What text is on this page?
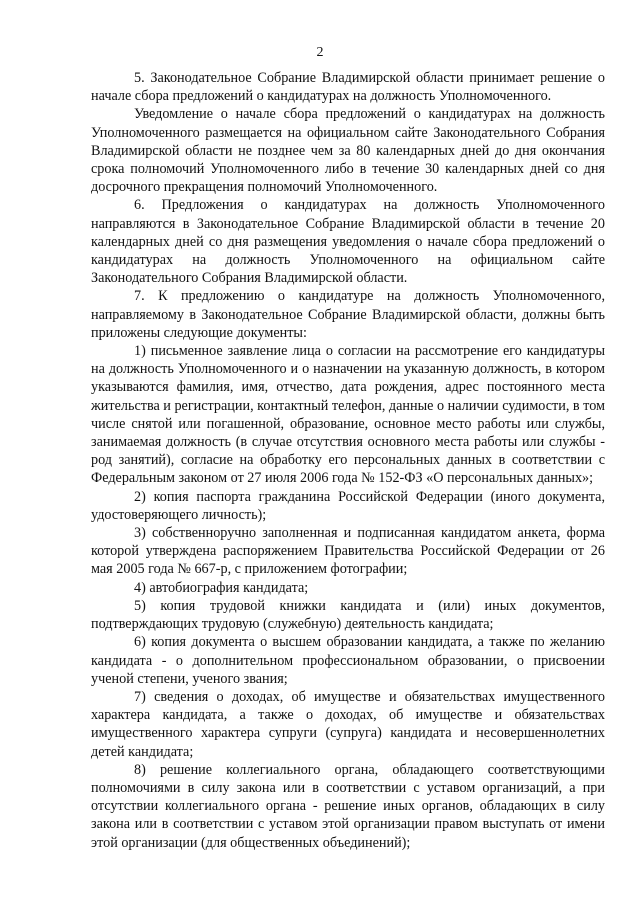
2

5. Законодательное Собрание Владимирской области принимает решение о начале сбора предложений о кандидатурах на должность Уполномоченного.

Уведомление о начале сбора предложений о кандидатурах на должность Уполномоченного размещается на официальном сайте Законодательного Собрания Владимирской области не позднее чем за 80 календарных дней до дня окончания срока полномочий Уполномоченного либо в течение 30 календарных дней со дня досрочного прекращения полномочий Уполномоченного.

6. Предложения о кандидатурах на должность Уполномоченного направляются в Законодательное Собрание Владимирской области в течение 20 календарных дней со дня размещения уведомления о начале сбора предложений о кандидатурах на должность Уполномоченного на официальном сайте Законодательного Собрания Владимирской области.

7. К предложению о кандидатуре на должность Уполномоченного, направляемому в Законодательное Собрание Владимирской области, должны быть приложены следующие документы:

1) письменное заявление лица о согласии на рассмотрение его кандидатуры на должность Уполномоченного и о назначении на указанную должность, в котором указываются фамилия, имя, отчество, дата рождения, адрес постоянного места жительства и регистрации, контактный телефон, данные о наличии судимости, в том числе снятой или погашенной, образование, основное место работы или службы, занимаемая должность (в случае отсутствия основного места работы или службы - род занятий), согласие на обработку его персональных данных в соответствии с Федеральным законом от 27 июля 2006 года № 152-ФЗ «О персональных данных»;

2) копия паспорта гражданина Российской Федерации (иного документа, удостоверяющего личность);

3) собственноручно заполненная и подписанная кандидатом анкета, форма которой утверждена распоряжением Правительства Российской Федерации от 26 мая 2005 года № 667-р, с приложением фотографии;

4) автобиография кандидата;

5) копия трудовой книжки кандидата и (или) иных документов, подтверждающих трудовую (служебную) деятельность кандидата;

6) копия документа о высшем образовании кандидата, а также по желанию кандидата - о дополнительном профессиональном образовании, о присвоении ученой степени, ученого звания;

7) сведения о доходах, об имуществе и обязательствах имущественного характера кандидата, а также о доходах, об имуществе и обязательствах имущественного характера супруги (супруга) кандидата и несовершеннолетних детей кандидата;

8) решение коллегиального органа, обладающего соответствующими полномочиями в силу закона или в соответствии с уставом организаций, а при отсутствии коллегиального органа - решение иных органов, обладающих в силу закона или в соответствии с уставом этой организации правом выступать от имени этой организации (для общественных объединений);
